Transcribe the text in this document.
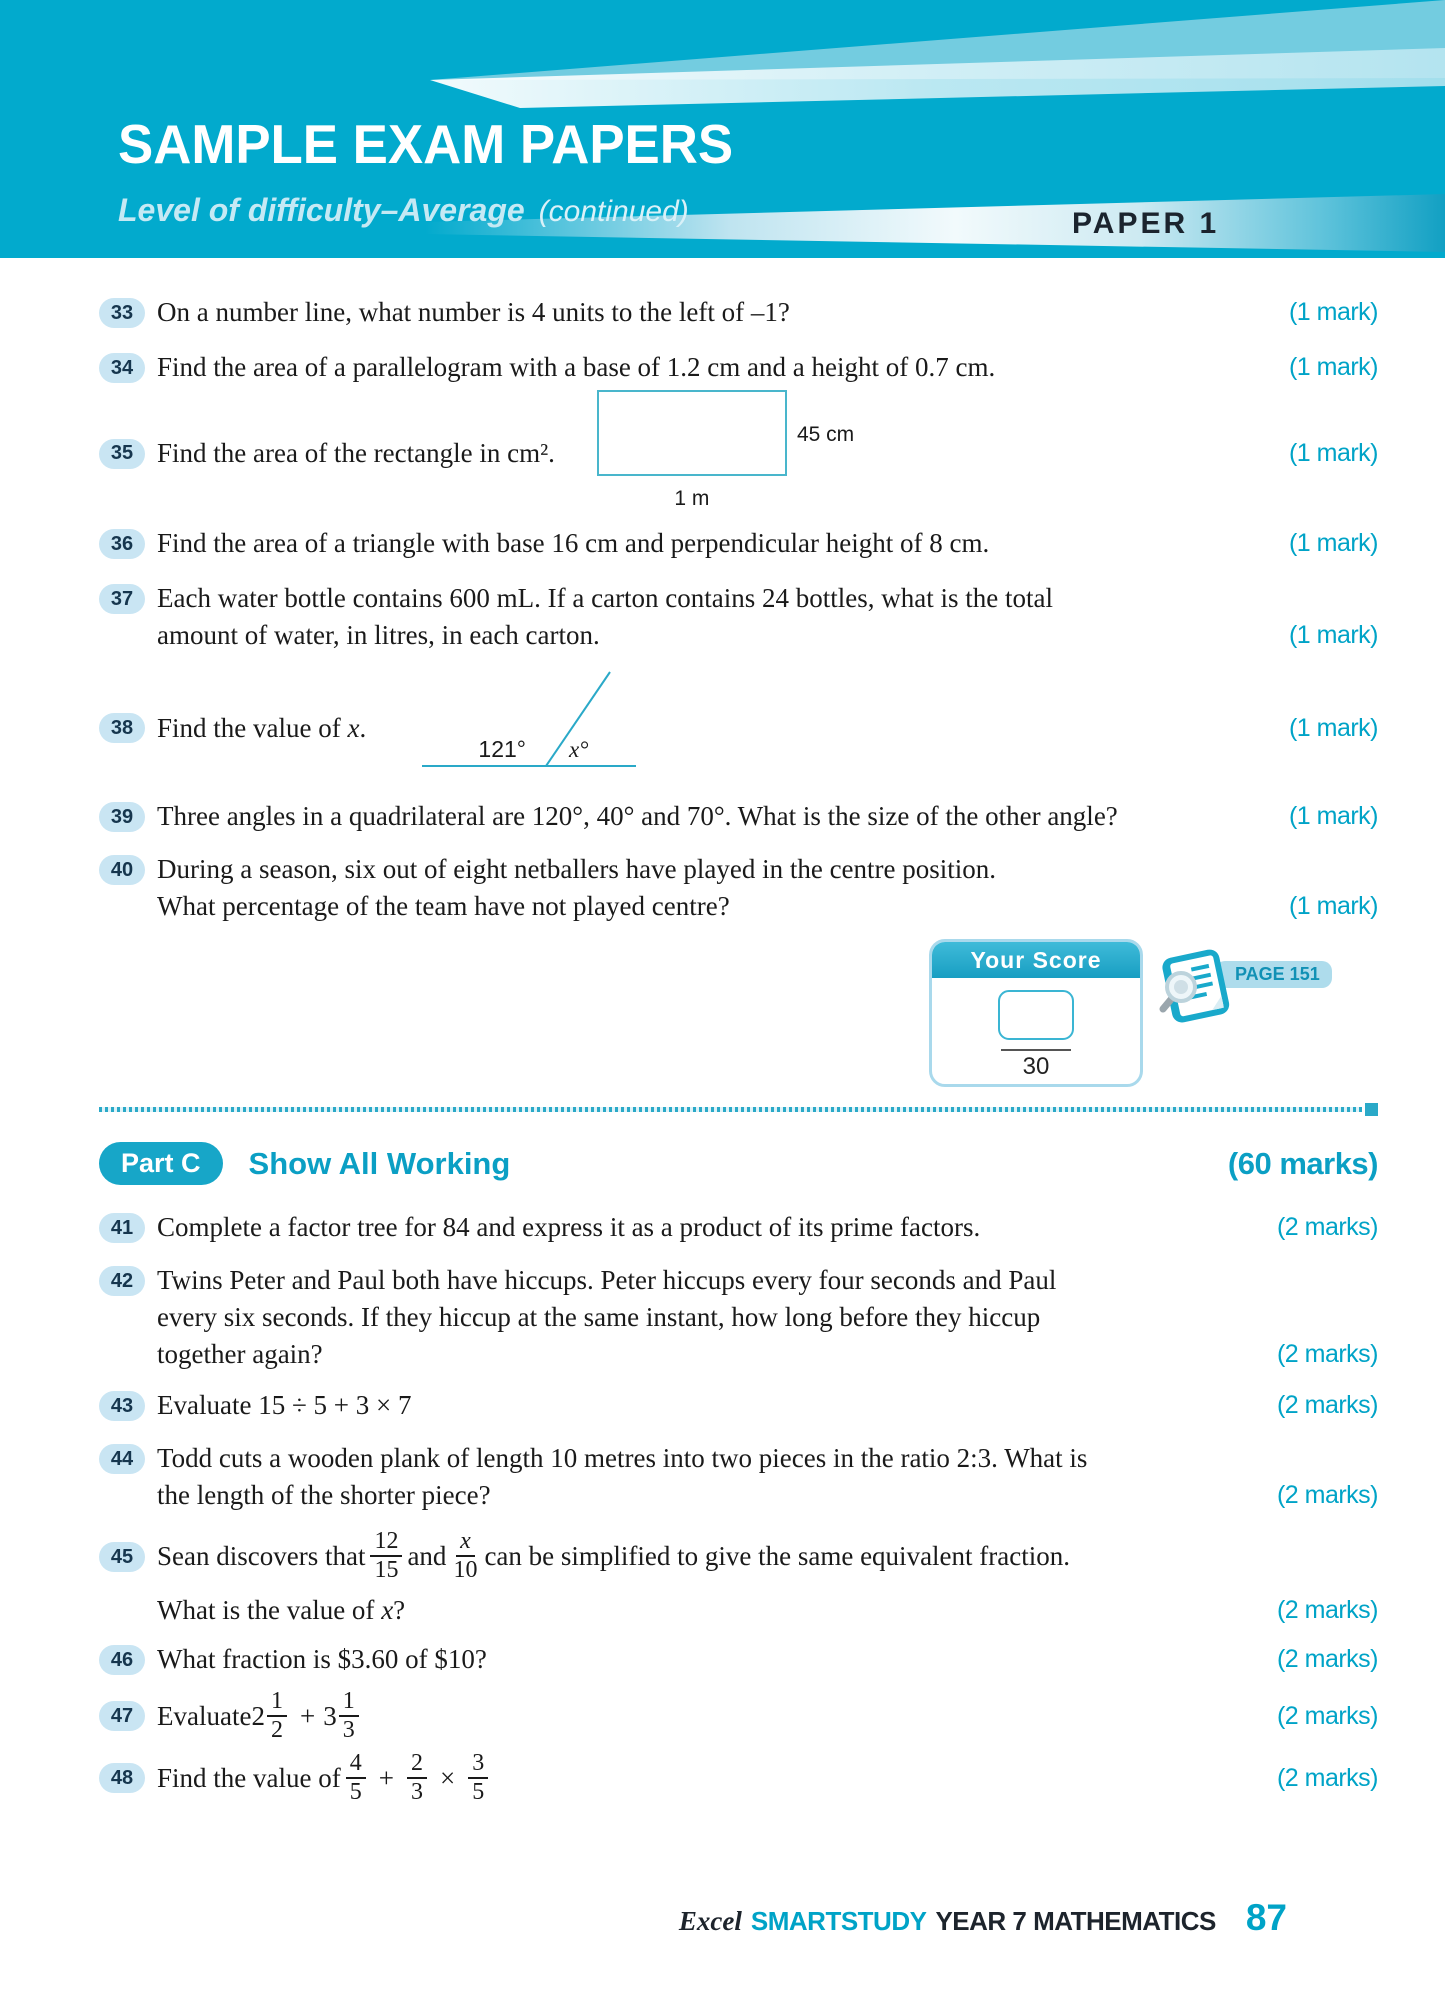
SAMPLE EXAM PAPERS
Level of difficulty–Average (continued)	PAPER 1
33 On a number line, what number is 4 units to the left of –1?	(1 mark)
34 Find the area of a parallelogram with a base of 1.2 cm and a height of 0.7 cm.	(1 mark)
35 Find the area of the rectangle in cm².
45 cm
1 m
(1 mark)
36 Find the area of a triangle with base 16 cm and perpendicular height of 8 cm.	(1 mark)
37 Each water bottle contains 600 mL. If a carton contains 24 bottles, what is the total
amount of water, in litres, in each carton.	(1 mark)
38 Find the value of x.
121° x°
(1 mark)
39 Three angles in a quadrilateral are 120°, 40° and 70°. What is the size of the other angle?	(1 mark)
40 During a season, six out of eight netballers have played in the centre position.
What percentage of the team have not played centre?	(1 mark)
Your Score
30
PAGE 151
Part C	Show All Working	(60 marks)
41 Complete a factor tree for 84 and express it as a product of its prime factors.	(2 marks)
42 Twins Peter and Paul both have hiccups. Peter hiccups every four seconds and Paul
every six seconds. If they hiccup at the same instant, how long before they hiccup
together again?	(2 marks)
43 Evaluate 15 ÷ 5 + 3 × 7	(2 marks)
44 Todd cuts a wooden plank of length 10 metres into two pieces in the ratio 2:3. What is
the length of the shorter piece?	(2 marks)
45 Sean discovers that $\frac{12}{15}$ and $\frac{x}{10}$ can be simplified to give the same equivalent fraction.
What is the value of x?	(2 marks)
46 What fraction is $3.60 of $10?	(2 marks)
47 Evaluate $2 \frac{1}{2} + 3 \frac{1}{3}$	(2 marks)
48 Find the value of $\frac{4}{5} + \frac{2}{3} \times \frac{3}{5}$	(2 marks)
Excel SMARTSTUDY YEAR 7 MATHEMATICS 87
